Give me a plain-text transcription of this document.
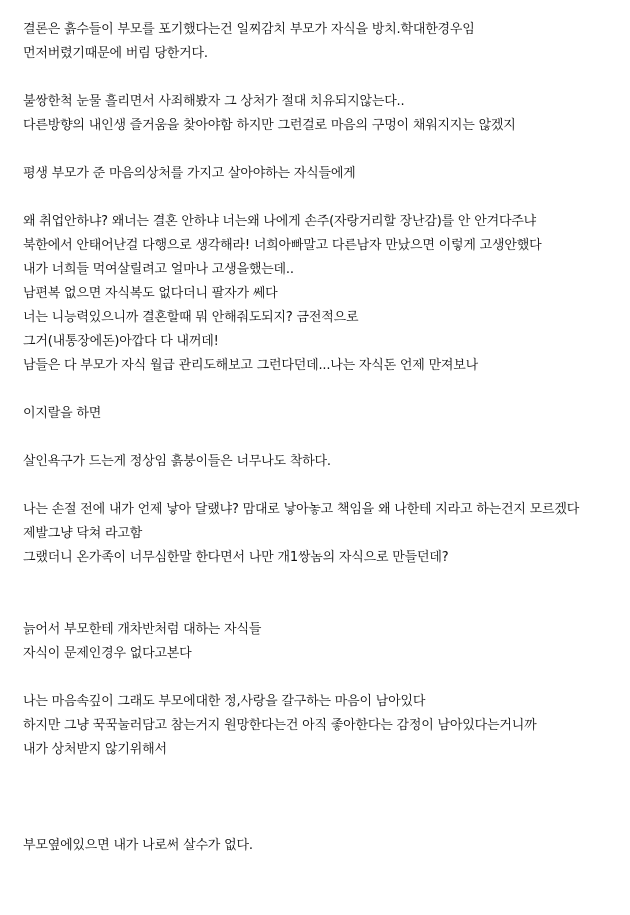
결론은 흙수들이 부모를 포기했다는건 일찌감치 부모가 자식을 방치.학대한경우임

먼저버렸기때문에 버림 당한거다.

불쌍한척 눈물 흘리면서 사죄해봤자 그 상처가 절대 치유되지않는다..

다른방향의 내인생 즐거움을 찾아야함 하지만 그런걸로 마음의 구멍이 채워지지는 않겠지

평생 부모가 준 마음의상처를 가지고 살아야하는 자식들에게

왜 취업안하냐? 왜너는 결혼 안하냐 너는왜 나에게 손주(자랑거리할 장난감)를 안 안겨다주냐

북한에서 안태어난걸 다행으로 생각해라! 너희아빠말고 다른남자 만났으면 이렇게 고생안했다

내가 너희들 먹여살릴려고 얼마나 고생을했는데..

남편복 없으면 자식복도 없다더니 팔자가 쎄다

너는 니능력있으니까 결혼할때 뭐 안해줘도되지? 금전적으로

그거(내통장에돈)아깝다 다 내꺼데!

남들은 다 부모가 자식 월급 관리도해보고 그런다던데...나는 자식돈 언제 만져보나

이지랄을 하면

살인욕구가 드는게 정상임 흙붕이들은 너무나도 착하다.

나는 손절 전에 내가 언제 낳아 달랬냐? 맘대로 낳아놓고 책임을 왜 나한테 지라고 하는건지 모르겠다

제발그냥 닥쳐 라고함

그랬더니 온가족이 너무심한말 한다면서 나만 개1쌍놈의 자식으로 만들던데?

늙어서 부모한테 개차반처럼 대하는 자식들

자식이 문제인경우 없다고본다

나는 마음속깊이 그래도 부모에대한 정,사랑을 갈구하는 마음이 남아있다

하지만 그냥 꾹꾹눌러담고 참는거지 원망한다는건 아직 좋아한다는 감정이 남아있다는거니까

내가 상처받지 않기위해서

부모옆에있으면 내가 나로써 살수가 없다.
